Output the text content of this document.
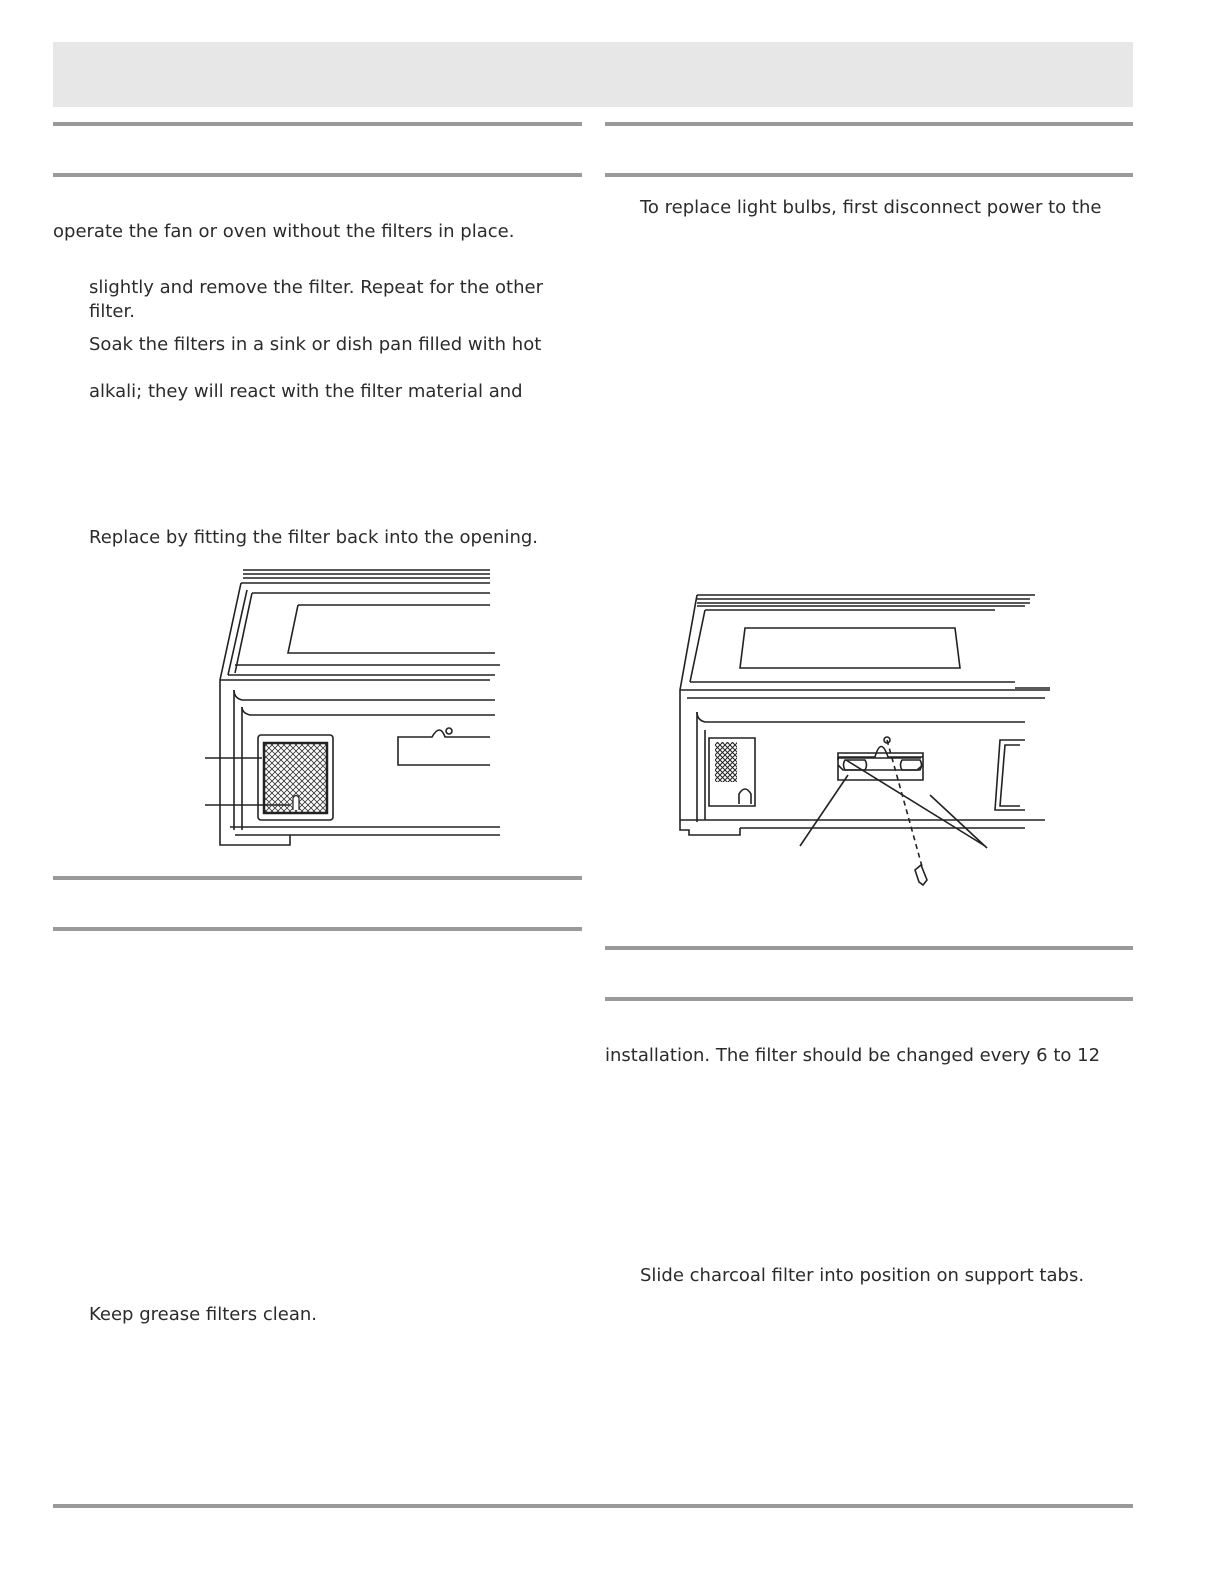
operate the fan or oven without the filters in place.
slightly and remove the filter. Repeat for the other
filter.
Soak the filters in a sink or dish pan filled with hot
alkali; they will react with the filter material and
Replace by fitting the filter back into the opening.
Keep grease filters clean.
To replace light bulbs, first disconnect power to the
installation. The filter should be changed every 6 to 12
Slide charcoal filter into position on support tabs.
